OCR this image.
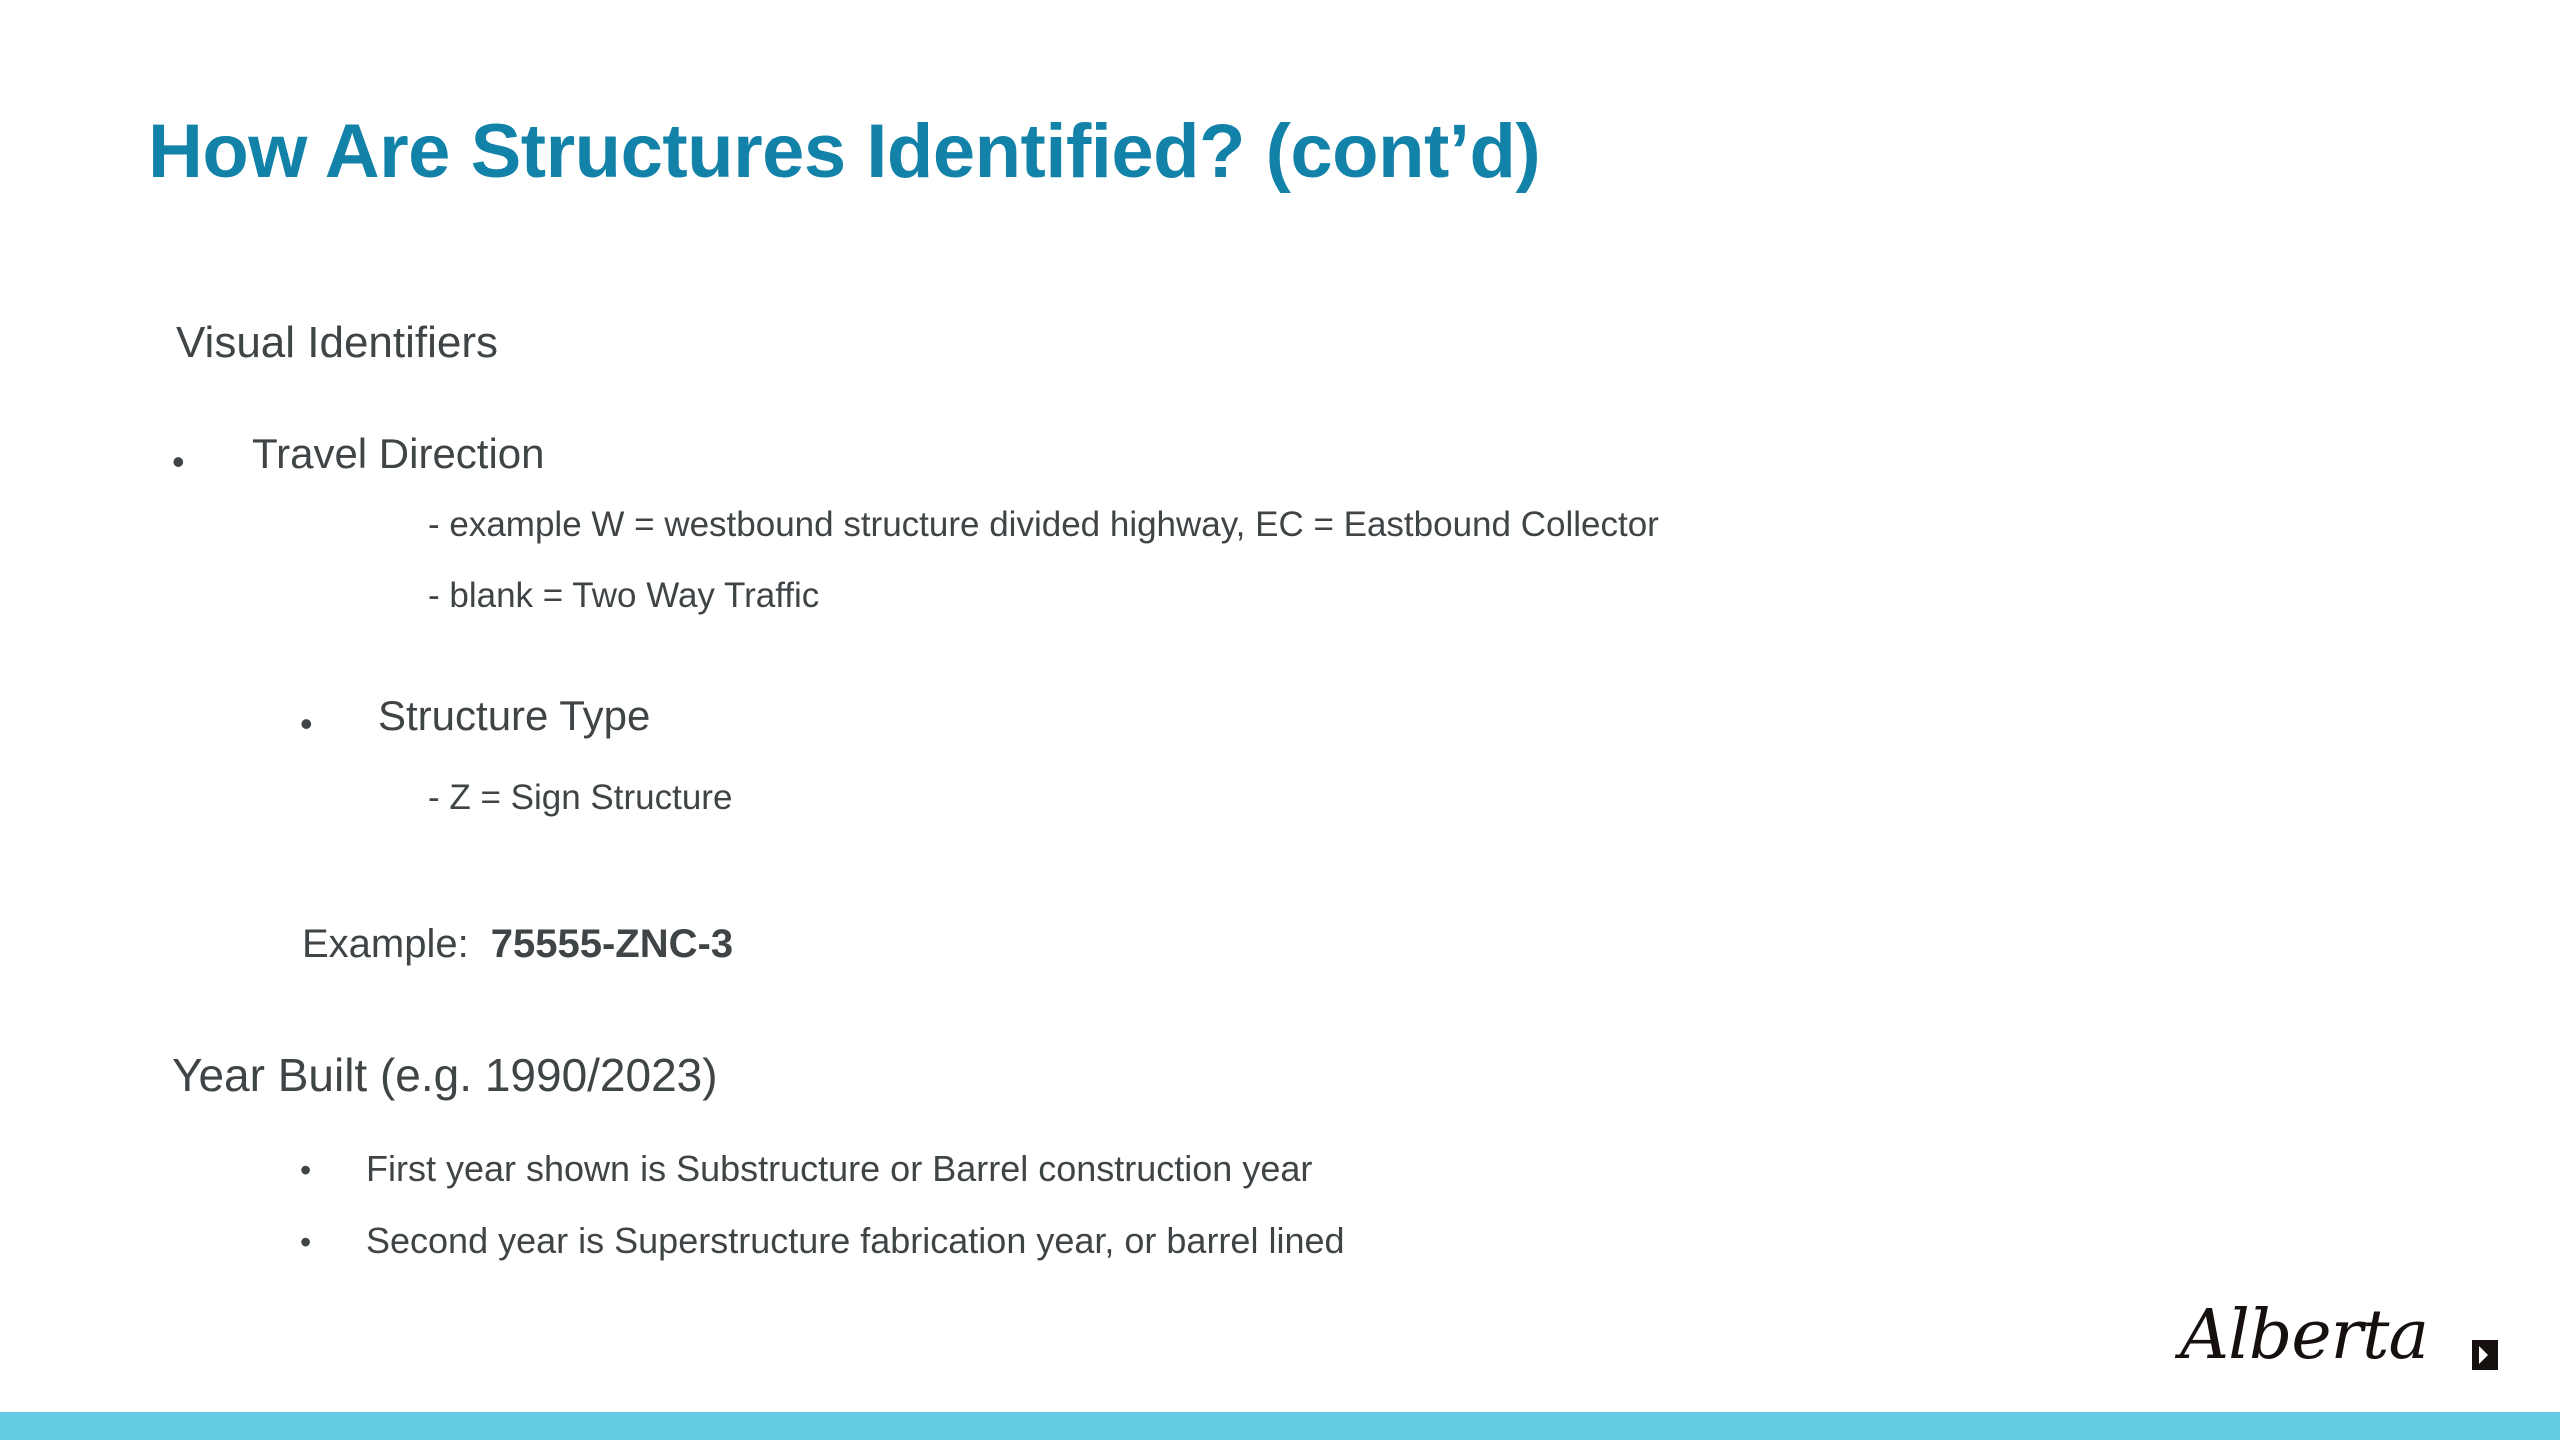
How Are Structures Identified? (cont’d)
Visual Identifiers
• Travel Direction
- example W = westbound structure divided highway, EC = Eastbound Collector
- blank = Two Way Traffic
• Structure Type
- Z = Sign Structure
Example: 75555-ZNC-3
Year Built (e.g. 1990/2023)
• First year shown is Substructure or Barrel construction year
• Second year is Superstructure fabrication year, or barrel lined
Alberta
